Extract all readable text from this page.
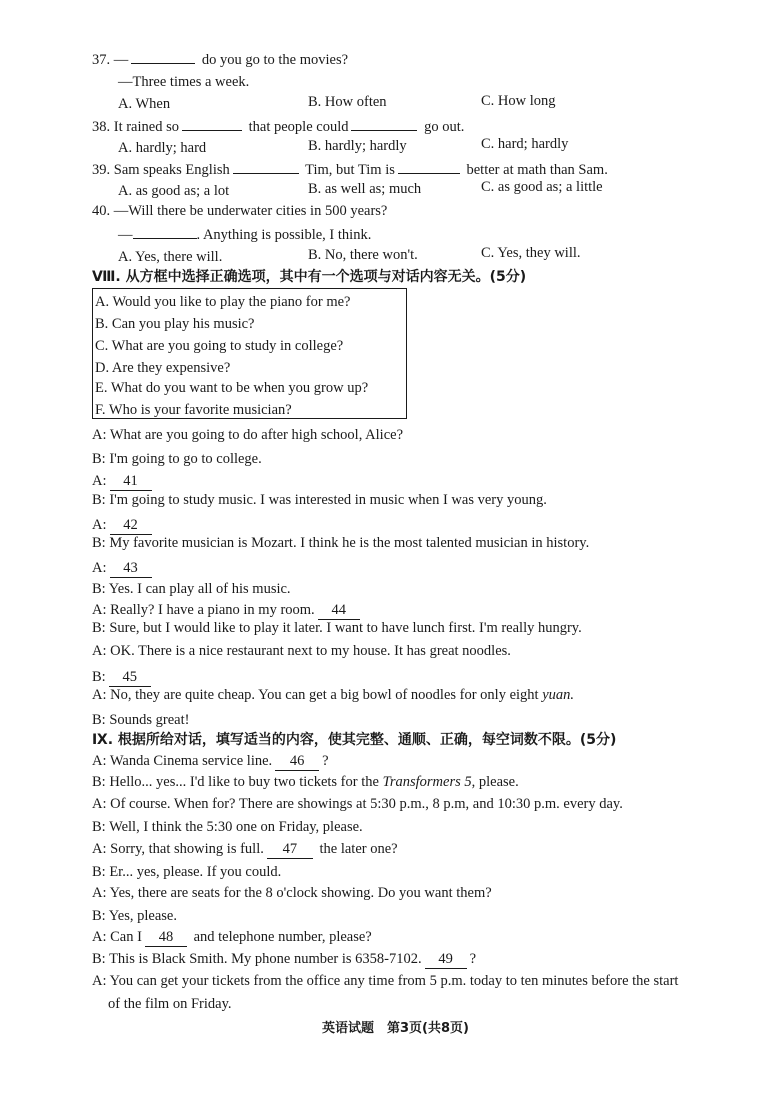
37. —	do you go to the movies?
—Three times a week.
A. When	B. How often	C. How long
38. It rained so	that people could	go out.
A. hardly; hard	B. hardly; hardly	C. hard; hardly
39. Sam speaks English	Tim, but Tim is	better at math than Sam.
A. as good as; a lot	B. as well as; much	C. as good as; a little
40. —Will there be underwater cities in 500 years?
—	. Anything is possible, I think.
A. Yes, there will.	B. No, there won't.	C. Yes, they will.
Ⅷ. 从方框中选择正确选项，其中有一个选项与对话内容无关。(5分)
A. Would you like to play the piano for me?
B. Can you play his music?
C. What are you going to study in college?
D. Are they expensive?
E. What do you want to be when you grow up?
F. Who is your favorite musician?
A: What are you going to do after high school, Alice?
B: I'm going to go to college.
A: 41
B: I'm going to study music. I was interested in music when I was very young.
A: 42
B: My favorite musician is Mozart. I think he is the most talented musician in history.
A: 43
B: Yes. I can play all of his music.
A: Really? I have a piano in my room. 44
B: Sure, but I would like to play it later. I want to have lunch first. I'm really hungry.
A: OK. There is a nice restaurant next to my house. It has great noodles.
B: 45
A: No, they are quite cheap. You can get a big bowl of noodles for only eight yuan.
B: Sounds great!
Ⅸ. 根据所给对话，填写适当的内容，使其完整、通顺、正确，每空词数不限。(5分)
A: Wanda Cinema service line. 46 ?
B: Hello... yes... I'd like to buy two tickets for the Transformers 5, please.
A: Of course. When for? There are showings at 5:30 p.m., 8 p.m, and 10:30 p.m. every day.
B: Well, I think the 5:30 one on Friday, please.
A: Sorry, that showing is full. 47 the later one?
B: Er... yes, please. If you could.
A: Yes, there are seats for the 8 o'clock showing. Do you want them?
B: Yes, please.
A: Can I 48 and telephone number, please?
B: This is Black Smith. My phone number is 6358-7102. 49 ?
A: You can get your tickets from the office any time from 5 p.m. today to ten minutes before the start
of the film on Friday.
英语试题　第3页(共8页)
